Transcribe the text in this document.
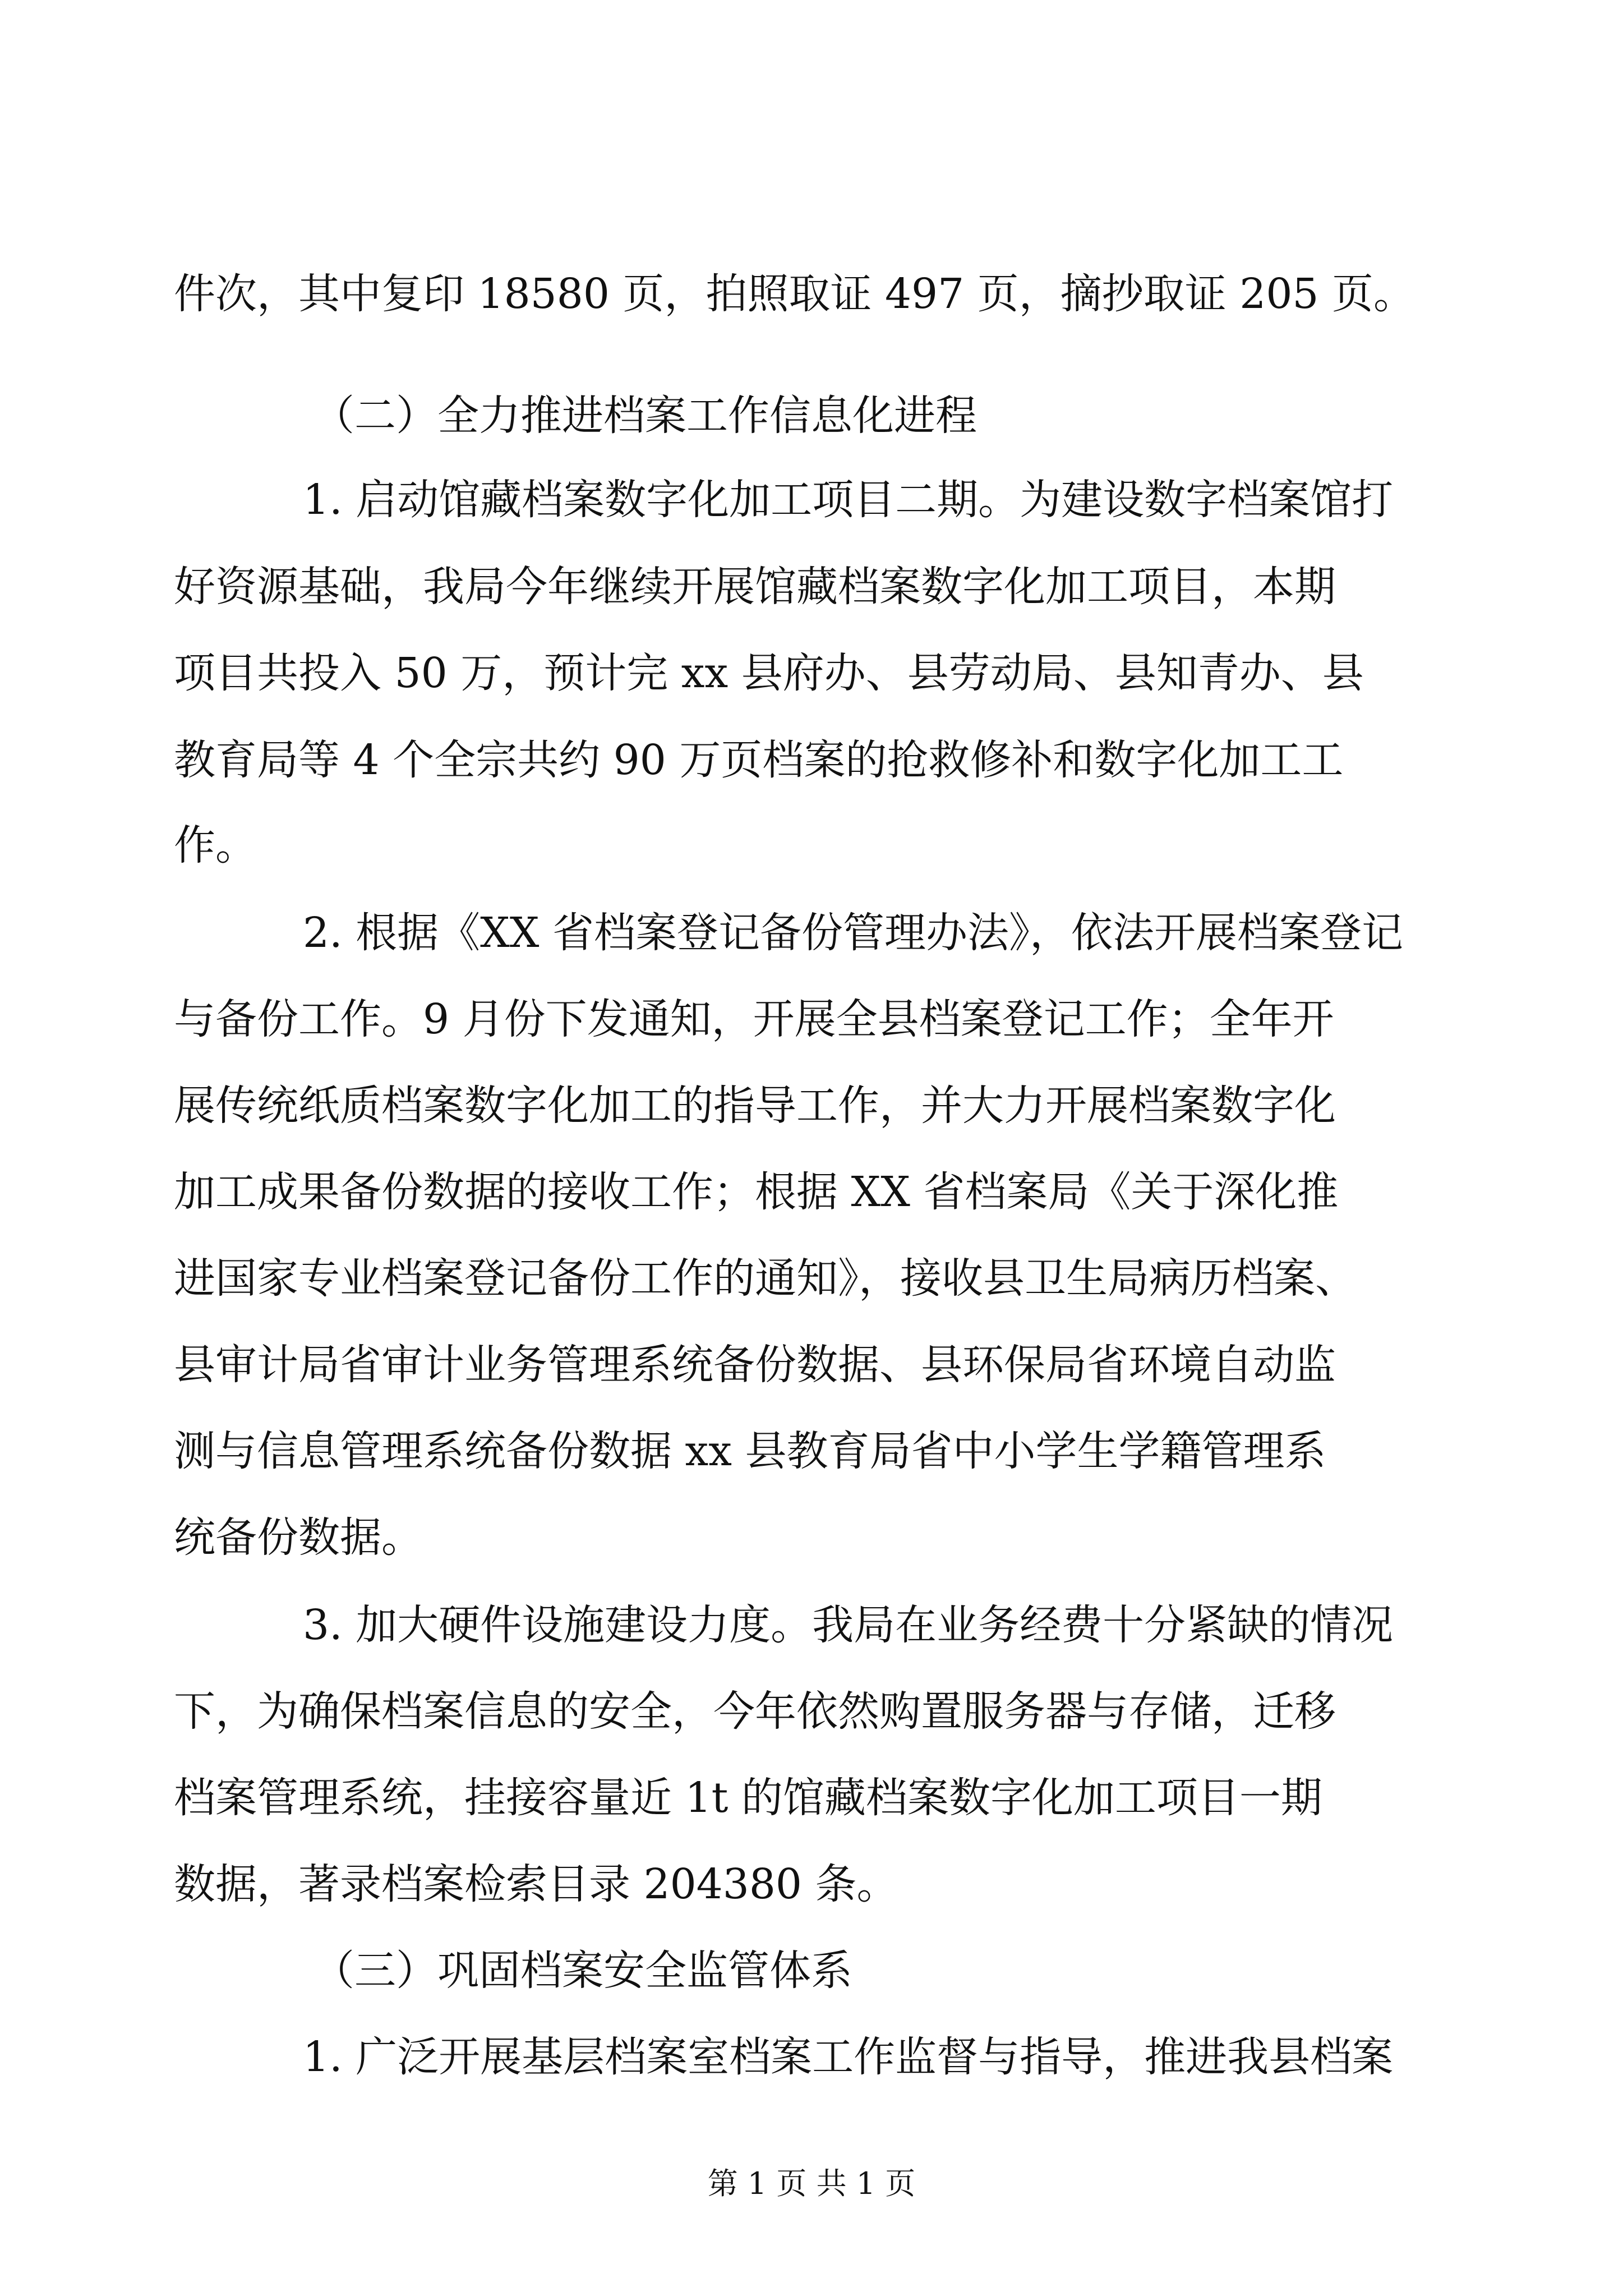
件次，其中复印 18580 页，拍照取证 497 页，摘抄取证 205 页。
（二）全力推进档案工作信息化进程
1. 启动馆藏档案数字化加工项目二期。为建设数字档案馆打
好资源基础，我局今年继续开展馆藏档案数字化加工项目，本期
项目共投入 50 万，预计完 xx 县府办、县劳动局、县知青办、县
教育局等 4 个全宗共约 90 万页档案的抢救修补和数字化加工工
作。
2. 根据《XX 省档案登记备份管理办法》，依法开展档案登记
与备份工作。9 月份下发通知，开展全县档案登记工作；全年开
展传统纸质档案数字化加工的指导工作，并大力开展档案数字化
加工成果备份数据的接收工作；根据 XX 省档案局《关于深化推
进国家专业档案登记备份工作的通知》，接收县卫生局病历档案、
县审计局省审计业务管理系统备份数据、县环保局省环境自动监
测与信息管理系统备份数据 xx 县教育局省中小学生学籍管理系
统备份数据。
3. 加大硬件设施建设力度。我局在业务经费十分紧缺的情况
下，为确保档案信息的安全，今年依然购置服务器与存储，迁移
档案管理系统，挂接容量近 1t 的馆藏档案数字化加工项目一期
数据，著录档案检索目录 204380 条。
（三）巩固档案安全监管体系
1. 广泛开展基层档案室档案工作监督与指导，推进我县档案
第 1 页 共 1 页
